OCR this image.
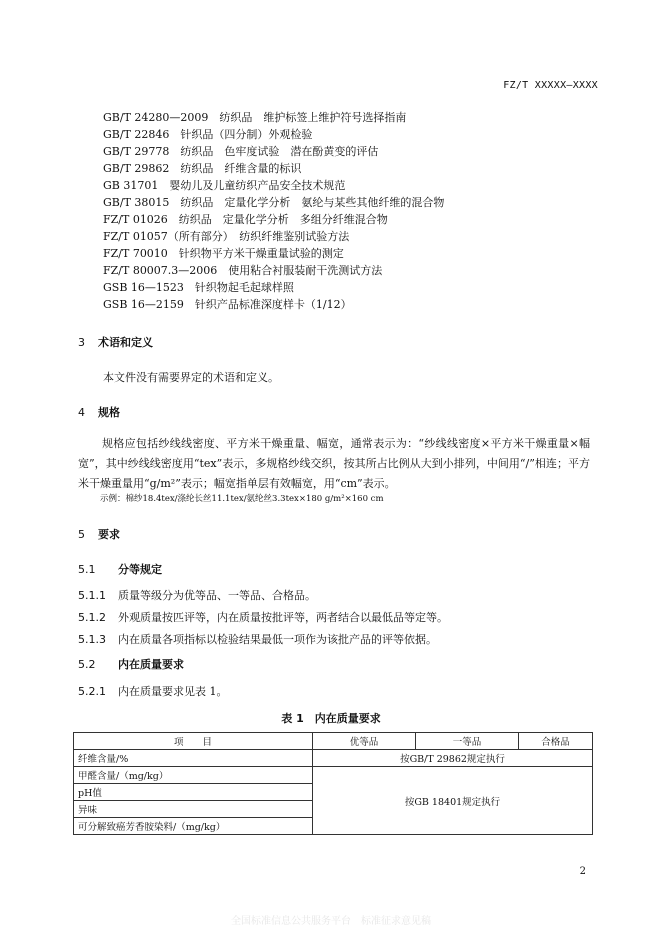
FZ/T XXXXX—XXXX
GB/T 24280—2009　纺织品　维护标签上维护符号选择指南
GB/T 22846　针织品（四分制）外观检验
GB/T 29778　纺织品　色牢度试验　潜在酚黄变的评估
GB/T 29862　纺织品　纤维含量的标识
GB 31701　婴幼儿及儿童纺织产品安全技术规范
GB/T 38015　纺织品　定量化学分析　氨纶与某些其他纤维的混合物
FZ/T 01026　纺织品　定量化学分析　多组分纤维混合物
FZ/T 01057（所有部分）　纺织纤维鉴别试验方法
FZ/T 70010　针织物平方米干燥重量试验的测定
FZ/T 80007.3—2006　使用粘合衬服装耐干洗测试方法
GSB 16—1523　针织物起毛起球样照
GSB 16—2159　针织产品标准深度样卡（1/12）
3 术语和定义
本文件没有需要界定的术语和定义。
4 规格
规格应包括纱线线密度、平方米干燥重量、幅宽，通常表示为：“纱线线密度×平方米干燥重量×幅宽”，其中纱线线密度用“tex”表示，多规格纱线交织，按其所占比例从大到小排列，中间用“/”相连；平方米干燥重量用“g/m²”表示；幅宽指单层有效幅宽，用“cm”表示。
示例：棉纱18.4tex/涤纶长丝11.1tex/氨纶丝3.3tex×180 g/m²×160 cm
5 要求
5.1 分等规定
5.1.1 质量等级分为优等品、一等品、合格品。
5.1.2 外观质量按匹评等，内在质量按批评等，两者结合以最低品等定等。
5.1.3 内在质量各项指标以检验结果最低一项作为该批产品的评等依据。
5.2 内在质量要求
5.2.1 内在质量要求见表 1。
表 1　内在质量要求
项　　目	优等品	一等品	合格品
纤维含量/%	按GB/T 29862规定执行		
甲醛含量/（mg/kg）	按GB 18401规定执行		
pH值			
异味			
可分解致癌芳香胺染料/（mg/kg）			
2
全国标准信息公共服务平台　标准征求意见稿
